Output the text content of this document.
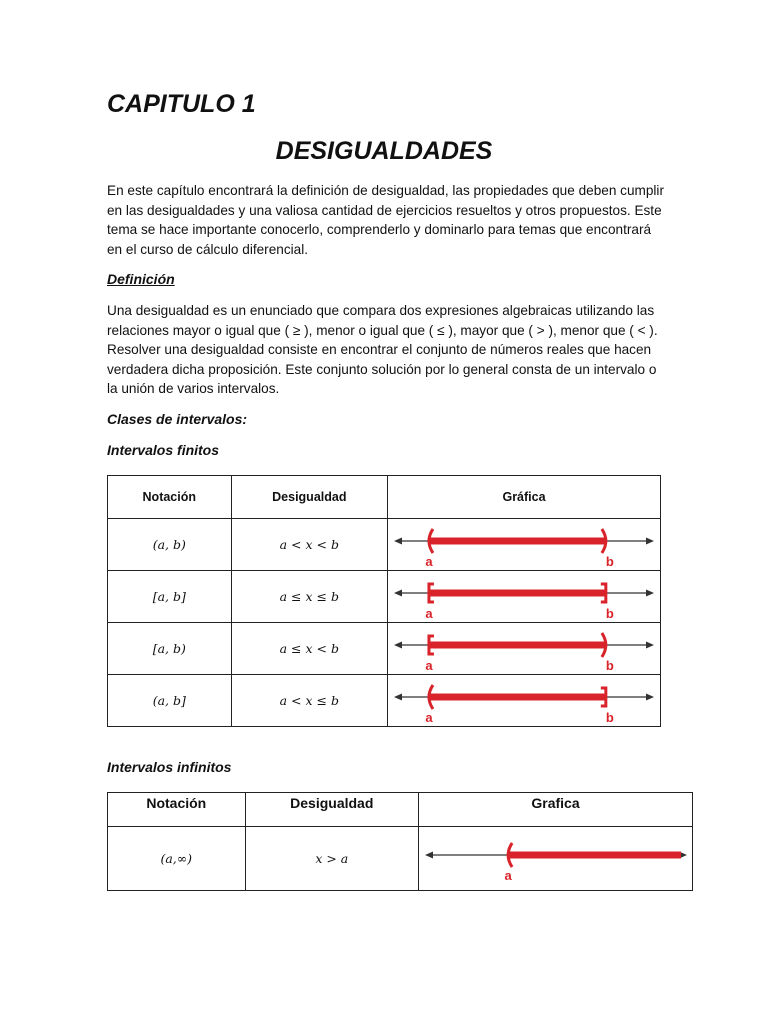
CAPITULO 1
DESIGUALDADES

En este capítulo encontrará la definición de desigualdad, las propiedades que deben cumplir en las desigualdades y una valiosa cantidad de ejercicios resueltos y otros propuestos. Este tema se hace importante conocerlo, comprenderlo y dominarlo para temas que encontrará en el curso de cálculo diferencial.

Definición

Una desigualdad es un enunciado que compara dos expresiones algebraicas utilizando las relaciones mayor o igual que ( ≥ ), menor o igual que ( ≤ ), mayor que ( > ), menor que ( < ). Resolver una desigualdad consiste en encontrar el conjunto de números reales que hacen verdadera dicha proposición. Este conjunto solución por lo general consta de un intervalo o la unión de varios intervalos.

Clases de intervalos:
Intervalos finitos
Notación	Desigualdad	Gráfica
(a, b)	a < x < b	a b

[a, b]	a ≤ x ≤ b	a b

[a, b)	a ≤ x < b	a b

(a, b]	a < x ≤ b	a b
Intervalos infinitos
Notación	Desigualdad	Grafica
(a,∞)	x > a	a
